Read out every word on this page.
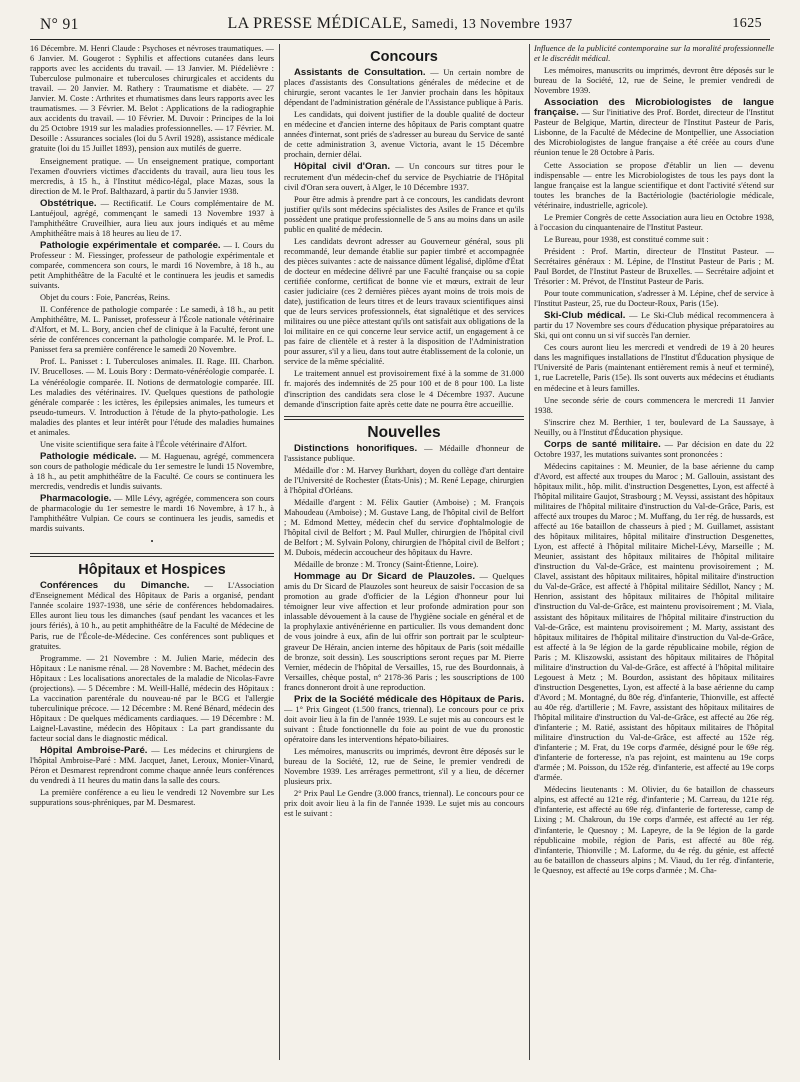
N° 91	LA PRESSE MÉDICALE, Samedi, 13 Novembre 1937	1625

16 Décembre. M. Henri Claude : Psychoses et névroses traumatiques. — 6 Janvier. M. Gougerot : Syphilis et affections cutanées dans leurs rapports avec les accidents du travail. — 13 Janvier. M. Piédelièvre : Tuberculose pulmonaire et tuberculoses chirurgicales et accidents du travail. — 20 Janvier. M. Rathery : Traumatisme et diabète. — 27 Janvier. M. Coste : Arthrites et rhumatismes dans leurs rapports avec les traumatismes. — 3 Février. M. Belot : Applications de la radiographie aux accidents du travail. — 10 Février. M. Duvoir : Principes de la loi du 25 Octobre 1919 sur les maladies professionnelles. — 17 Février. M. Desoille : Assurances sociales (loi du 5 Avril 1928), assistance médicale gratuite (loi du 15 Juillet 1893), pension aux mutilés de guerre.

Enseignement pratique. — Un enseignement pratique, comportant l'examen d'ouvriers victimes d'accidents du travail, aura lieu tous les mercredis, à 15 h., à l'Institut médico-légal, place Mazas, sous la direction de M. le Prof. Balthazard, à partir du 5 Janvier 1938.

Obstétrique. — Rectificatif. Le Cours complémentaire de M. Lantuéjoul, agrégé, commençant le samedi 13 Novembre 1937 à l'amphithéâtre Cruveilhier, aura lieu aux jours indiqués et au même Amphithéâtre mais à 18 heures au lieu de 17.

Pathologie expérimentale et comparée. — I. Cours du Professeur : M. Fiessinger, professeur de pathologie expérimentale et comparée, commencera son cours, le mardi 16 Novembre, à 18 h., au petit Amphithéâtre de la Faculté et le continuera les jeudis et samedis suivants.

Objet du cours : Foie, Pancréas, Reins.

II. Conférence de pathologie comparée : Le samedi, à 18 h., au petit Amphithéâtre, M. L. Panisset, professeur à l'École nationale vétérinaire d'Alfort, et M. L. Bory, ancien chef de clinique à la Faculté, feront une série de conférences concernant la pathologie comparée. M. le Prof. L. Panisset fera sa première conférence le samedi 20 Novembre.

Prof. L. Panisset : I. Tuberculoses animales. II. Rage. III. Charbon. IV. Brucelloses. — M. Louis Bory : Dermato-vénéréologie comparée. I. La vénéréologie comparée. II. Notions de dermatologie comparée. III. Les maladies des vétérinaires. IV. Quelques questions de pathologie générale comparée : les ictères, les épilepsies animales, les tumeurs et pseudo-tumeurs. V. Introduction à l'étude de la phyto-pathologie. Les maladies des plantes et leur intérêt pour l'étude des maladies humaines et animales.

Une visite scientifique sera faite à l'École vétérinaire d'Alfort.

Pathologie médicale. — M. Haguenau, agrégé, commencera son cours de pathologie médicale du 1er semestre le lundi 15 Novembre, à 18 h., au petit amphithéâtre de la Faculté. Ce cours se continuera les mercredis, vendredis et lundis suivants.

Pharmacologie. — Mlle Lévy, agrégée, commencera son cours de pharmacologie du 1er semestre le mardi 16 Novembre, à 17 h., à l'amphithéâtre Vulpian. Ce cours se continuera les jeudis, samedis et mardis suivants.

•
Hôpitaux et Hospices

Conférences du Dimanche. — L'Association d'Enseignement Médical des Hôpitaux de Paris a organisé, pendant l'année scolaire 1937-1938, une série de conférences hebdomadaires. Elles auront lieu tous les dimanches (sauf pendant les vacances et les jours fériés), à 10 h., au petit amphithéâtre de la Faculté de Médecine de Paris, rue de l'École-de-Médecine. Ces conférences sont publiques et gratuites.

Programme. — 21 Novembre : M. Julien Marie, médecin des Hôpitaux : Le nanisme rénal. — 28 Novembre : M. Bachet, médecin des Hôpitaux : Les localisations anorectales de la maladie de Nicolas-Favre (projections). — 5 Décembre : M. Weill-Hallé, médecin des Hôpitaux : La vaccination parentérale du nouveau-né par le BCG et l'allergie tuberculinique précoce. — 12 Décembre : M. René Bénard, médecin des Hôpitaux : De quelques médicaments cardiaques. — 19 Décembre : M. Laignel-Lavastine, médecin des Hôpitaux : La part grandissante du facteur social dans le diagnostic médical.

Hôpital Ambroise-Paré. — Les médecins et chirurgiens de l'hôpital Ambroise-Paré : MM. Jacquet, Janet, Leroux, Monier-Vinard, Péron et Desmarest reprendront comme chaque année leurs conférences du vendredi à 11 heures du matin dans la salle des cours.

La première conférence a eu lieu le vendredi 12 Novembre sur Les suppurations sous-phréniques, par M. Desmarest.

Concours

Assistants de Consultation. — Un certain nombre de places d'assistants des Consultations générales de médecine et de chirurgie, seront vacantes le 1er Janvier prochain dans les hôpitaux dépendant de l'administration générale de l'Assistance publique à Paris.

Les candidats, qui doivent justifier de la double qualité de docteur en médecine et d'ancien interne des hôpitaux de Paris comptant quatre années d'internat, sont priés de s'adresser au bureau du Service de santé de cette administration 3, avenue Victoria, avant le 15 Décembre prochain, dernier délai.

Hôpital civil d'Oran. — Un concours sur titres pour le recrutement d'un médecin-chef du service de Psychiatrie de l'Hôpital civil d'Oran sera ouvert, à Alger, le 10 Décembre 1937.

Pour être admis à prendre part à ce concours, les candidats devront justifier qu'ils sont médecins spécialistes des Asiles de France et qu'ils possèdent une pratique professionnelle de 5 ans au moins dans un asile public en qualité de médecin.

Les candidats devront adresser au Gouverneur général, sous pli recommandé, leur demande établie sur papier timbré et accompagnée des pièces suivantes : acte de naissance dûment légalisé, diplôme d'État de docteur en médecine délivré par une Faculté française ou sa copie certifiée conforme, certificat de bonne vie et mœurs, extrait de leur casier judiciaire (ces 2 dernières pièces ayant moins de trois mois de date), justification de leurs titres et de leurs travaux scientifiques ainsi que de leurs services professionnels, état signalétique et des services militaires ou une pièce attestant qu'ils ont satisfait aux obligations de la loi militaire en ce qui concerne leur service actif, un engagement à ce pas faire de clientèle et à rester à la disposition de l'Administration pour assurer, s'il y a lieu, dans tout autre établissement de la colonie, un service de la même spécialité.

Le traitement annuel est provisoirement fixé à la somme de 31.000 fr. majorés des indemnités de 25 pour 100 et de 8 pour 100. La liste d'inscription des candidats sera close le 4 Décembre 1937. Aucune demande d'inscription faite après cette date ne pourra être accueillie.

Nouvelles

Distinctions honorifiques. — Médaille d'honneur de l'assistance publique.

Médaille d'or : M. Harvey Burkhart, doyen du collège d'art dentaire de l'Université de Rochester (États-Unis) ; M. René Lepage, chirurgien à l'hôpital d'Orléans.

Médaille d'argent : M. Félix Gautier (Amboise) ; M. François Mahoudeau (Amboise) ; M. Gustave Lang, de l'hôpital civil de Belfort ; M. Edmond Mettey, médecin chef du service d'ophtalmologie de l'hôpital civil de Belfort ; M. Paul Muller, chirurgien de l'hôpital civil de Belfort ; M. Sylvain Polony, chirurgien de l'hôpital civil de Belfort ; M. Dubois, médecin accoucheur des hôpitaux du Havre.

Médaille de bronze : M. Troncy (Saint-Étienne, Loire).

Hommage au Dr Sicard de Plauzoles. — Quelques amis du Dr Sicard de Plauzoles sont heureux de saisir l'occasion de sa promotion au grade d'officier de la Légion d'honneur pour lui témoigner leur vive affection et leur profonde admiration pour son inlassable dévouement à la cause de l'hygiène sociale en général et de la prophylaxie antivénérienne en particulier. Ils vous demandent donc de vous joindre à eux, afin de lui offrir son portrait par le sculpteur-graveur De Hérain, ancien interne des hôpitaux de Paris (soit médaille de bronze, soit dessin). Les souscriptions seront reçues par M. Pierre Vernier, médecin de l'hôpital de Versailles, 15, rue des Bourdonnais, à Versailles, chèque postal, n° 2178-36 Paris ; les souscriptions de 100 francs donneront droit à une reproduction.

Prix de la Société médicale des Hôpitaux de Paris. — 1° Prix Gingeot (1.500 francs, triennal). Le concours pour ce prix doit avoir lieu à la fin de l'année 1939. Le sujet mis au concours est le suivant : Étude fonctionnelle du foie au point de vue du pronostic opératoire dans les interventions hépato-biliaires.

Les mémoires, manuscrits ou imprimés, devront être déposés sur le bureau de la Société, 12, rue de Seine, le premier vendredi de Novembre 1939. Les arrérages permettront, s'il y a lieu, de décerner plusieurs prix.

2° Prix Paul Le Gendre (3.000 francs, triennal). Le concours pour ce prix doit avoir lieu à la fin de l'année 1939. Le sujet mis au concours est le suivant :

Influence de la publicité contemporaine sur la moralité professionnelle et le discrédit médical.

Les mémoires, manuscrits ou imprimés, devront être déposés sur le bureau de la Société, 12, rue de Seine, le premier vendredi de Novembre 1939.

Association des Microbiologistes de langue française. — Sur l'initiative des Prof. Bordet, directeur de l'Institut Pasteur de Belgique, Martin, directeur de l'Institut Pasteur de Paris, Lisbonne, de la Faculté de Médecine de Montpellier, une Association des Microbiologistes de langue française a été créée au cours d'une réunion tenue le 28 Octobre à Paris.

Cette Association se propose d'établir un lien — devenu indispensable — entre les Microbiologistes de tous les pays dont la langue française est la langue scientifique et dont l'activité s'étend sur toutes les branches de la Bactériologie (bactériologie médicale, vétérinaire, industrielle, agricole).

Le Premier Congrès de cette Association aura lieu en Octobre 1938, à l'occasion du cinquantenaire de l'Institut Pasteur.

Le Bureau, pour 1938, est constitué comme suit :

Président : Prof. Martin, directeur de l'Institut Pasteur. — Secrétaires généraux : M. Lépine, de l'Institut Pasteur de Paris ; M. Paul Bordet, de l'Institut Pasteur de Bruxelles. — Secrétaire adjoint et Trésorier : M. Prévot, de l'Institut Pasteur de Paris.

Pour toute communication, s'adresser à M. Lépine, chef de service à l'Institut Pasteur, 25, rue du Docteur-Roux, Paris (15e).

Ski-Club médical. — Le Ski-Club médical recommencera à partir du 17 Novembre ses cours d'éducation physique préparatoires au Ski, qui ont connu un si vif succès l'an dernier.

Ces cours auront lieu les mercredi et vendredi de 19 à 20 heures dans les magnifiques installations de l'Institut d'Éducation physique de l'Université de Paris (maintenant entièrement remis à neuf et terminé), 1, rue Lacretelle, Paris (15e). Ils sont ouverts aux médecins et étudiants en médecine et à leurs familles.

Une seconde série de cours commencera le mercredi 11 Janvier 1938.

S'inscrire chez M. Berthier, 1 ter, boulevard de La Saussaye, à Neuilly, ou à l'Institut d'Éducation physique.

Corps de santé militaire. — Par décision en date du 22 Octobre 1937, les mutations suivantes sont prononcées :

Médecins capitaines : M. Meunier, de la base aérienne du camp d'Avord, est affecté aux troupes du Maroc ; M. Gallouin, assistant des hôpitaux milit., hôp. milit. d'instruction Desgenettes, Lyon, est affecté à l'hôpital militaire Gaujot, Strasbourg ; M. Veyssi, assistant des hôpitaux militaires de l'hôpital militaire d'instruction du Val-de-Grâce, Paris, est affecté aux troupes du Maroc ; M. Muffang, du 1er rég. de hussards, est affecté au 16e bataillon de chasseurs à pied ; M. Guillamet, assistant des hôpitaux militaires, hôpital militaire d'instruction Desgenettes, Lyon, est affecté à l'hôpital militaire Michel-Lévy, Marseille ; M. Meunier, assistant des hôpitaux militaires de l'hôpital militaire d'instruction du Val-de-Grâce, est maintenu provisoirement ; M. Clavel, assistant des hôpitaux militaires, hôpital militaire d'instruction du Val-de-Grâce, est affecté à l'hôpital militaire Sédillot, Nancy ; M. Henrion, assistant des hôpitaux militaires de l'hôpital militaire d'instruction du Val-de-Grâce, est maintenu provisoirement ; M. Viala, assistant des hôpitaux militaires de l'hôpital militaire d'instruction du Val-de-Grâce, est maintenu provisoirement ; M. Marty, assistant des hôpitaux militaires de l'hôpital militaire d'instruction du Val-de-Grâce, est affecté à la 9e légion de la garde républicaine mobile, région de Paris ; M. Kliszowski, assistant des hôpitaux militaires de l'hôpital militaire d'instruction du Val-de-Grâce, est affecté à l'hôpital militaire Legouest à Metz ; M. Bourdon, assistant des hôpitaux militaires d'instruction Desgenettes, Lyon, est affecté à la base aérienne du camp d'Avord ; M. Montagné, du 80e rég. d'infanterie, Thionville, est affecté au 40e rég. d'artillerie ; M. Favre, assistant des hôpitaux militaires de l'hôpital militaire d'instruction du Val-de-Grâce, est affecté au 26e rég. d'infanterie ; M. Ratié, assistant des hôpitaux militaires de l'hôpital militaire d'instruction du Val-de-Grâce, est affecté au 152e rég. d'infanterie ; M. Frat, du 19e corps d'armée, désigné pour le 69e rég. d'infanterie de forteresse, n'a pas rejoint, est maintenu au 19e corps d'armée ; M. Poisson, du 152e rég. d'infanterie, est affecté au 19e corps d'armée.

Médecins lieutenants : M. Olivier, du 6e bataillon de chasseurs alpins, est affecté au 121e rég. d'infanterie ; M. Carreau, du 121e rég. d'infanterie, est affecté au 69e rég. d'infanterie de forteresse, camp de Lixing ; M. Chakroun, du 19e corps d'armée, est affecté au 1er rég. d'infanterie, le Quesnoy ; M. Lapeyre, de la 9e légion de la garde républicaine mobile, région de Paris, est affecté au 80e rég. d'infanterie, Thionville ; M. Laforme, du 4e rég. du génie, est affecté au 6e bataillon de chasseurs alpins ; M. Viaud, du 1er rég. d'infanterie, le Quesnoy, est affecté au 19e corps d'armée ; M. Cha-
